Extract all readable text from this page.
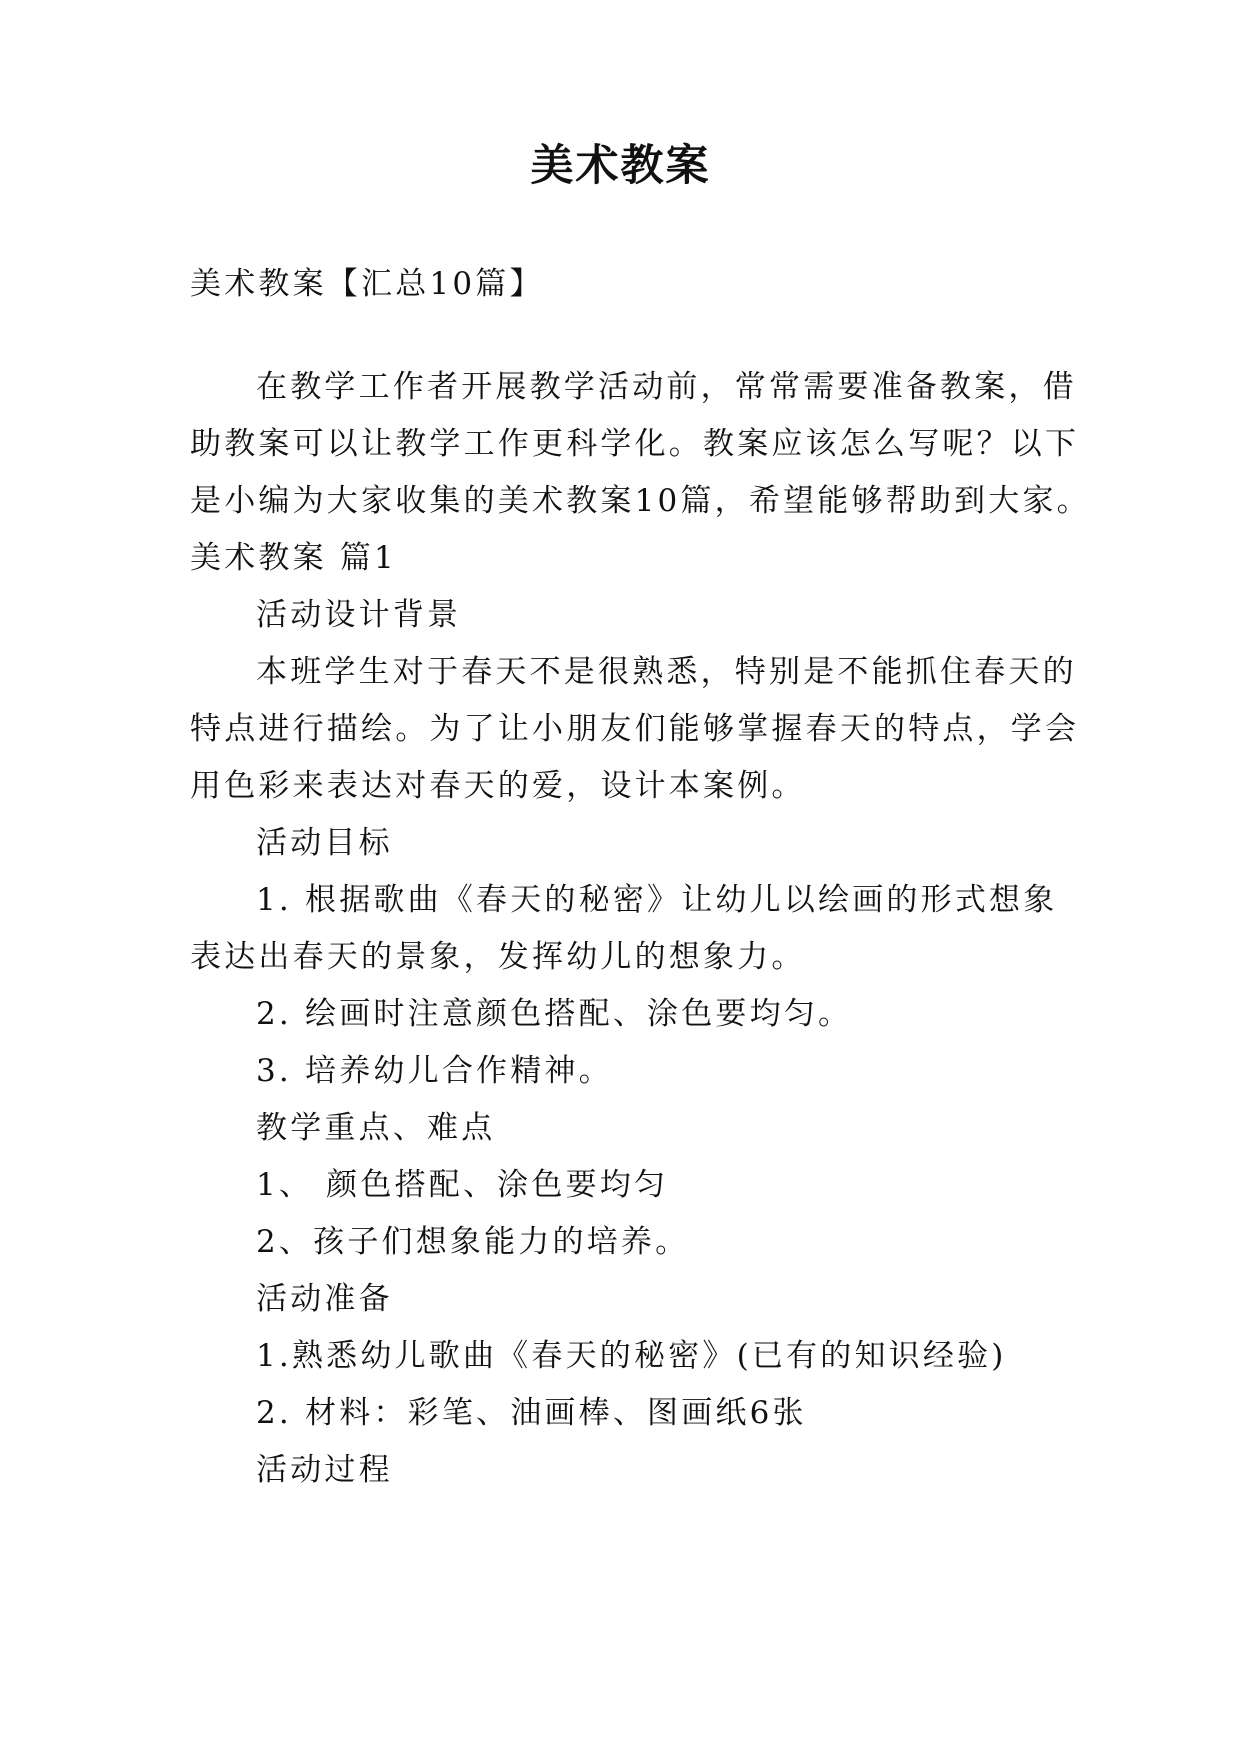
美术教案
美术教案【汇总10篇】
在教学工作者开展教学活动前，常常需要准备教案，借
助教案可以让教学工作更科学化。教案应该怎么写呢？以下
是小编为大家收集的美术教案10篇，希望能够帮助到大家。
美术教案 篇1
活动设计背景
本班学生对于春天不是很熟悉，特别是不能抓住春天的
特点进行描绘。为了让小朋友们能够掌握春天的特点，学会
用色彩来表达对春天的爱，设计本案例。
活动目标
1. 根据歌曲《春天的秘密》让幼儿以绘画的形式想象
表达出春天的景象，发挥幼儿的想象力。
2. 绘画时注意颜色搭配、涂色要均匀。
3. 培养幼儿合作精神。
教学重点、难点
1、 颜色搭配、涂色要均匀
2、孩子们想象能力的培养。
活动准备
1.熟悉幼儿歌曲《春天的秘密》(已有的知识经验)
2. 材料：彩笔、油画棒、图画纸6张
活动过程
